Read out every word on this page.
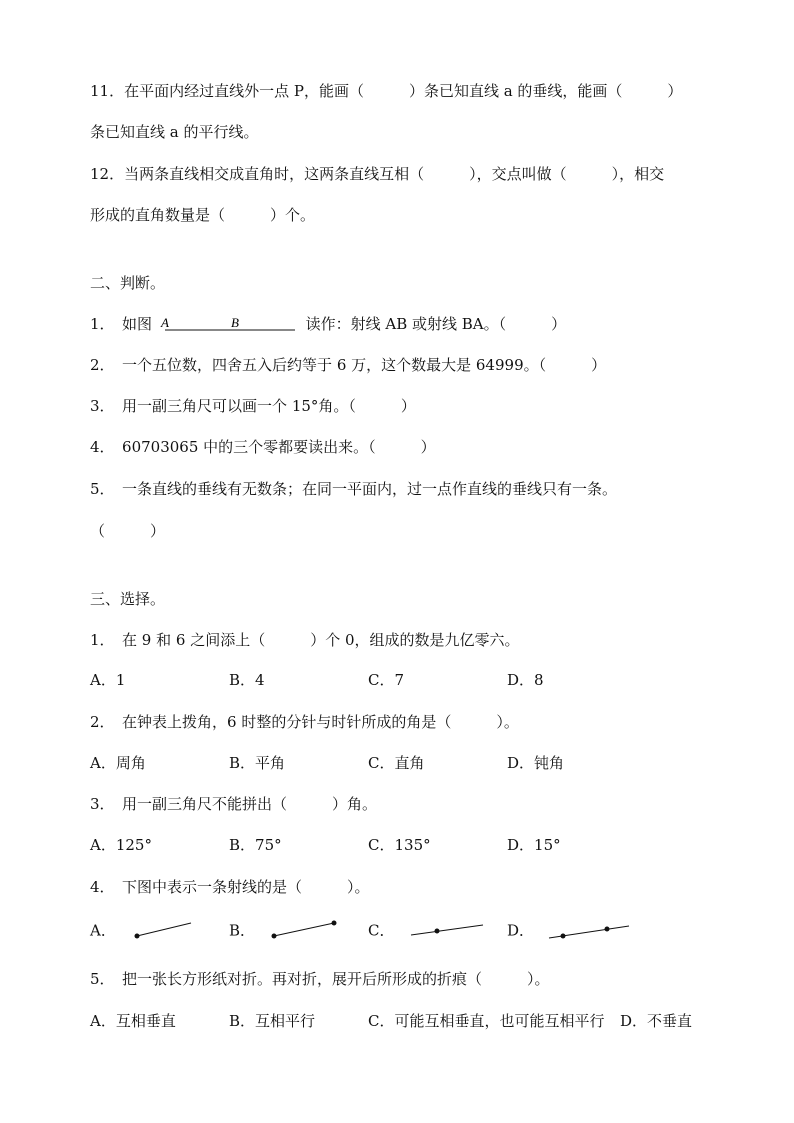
11．在平面内经过直线外一点 P，能画（　　　）条已知直线 a 的垂线，能画（　　　）
条已知直线 a 的平行线。
12．当两条直线相交成直角时，这两条直线互相（　　　），交点叫做（　　　），相交
形成的直角数量是（　　　）个。
二、判断。
1．　如图 A	B	读作：射线 AB 或射线 BA。（　　　）
2．　一个五位数，四舍五入后约等于 6 万，这个数最大是 64999。（　　　）
3．　用一副三角尺可以画一个 15°角。（　　　）
4．　60703065 中的三个零都要读出来。（　　　）
5．　一条直线的垂线有无数条；在同一平面内，过一点作直线的垂线只有一条。
（　　　）
三、选择。
1．　在 9 和 6 之间添上（　　　）个 0，组成的数是九亿零六。
A．1	B．4	C．7	D．8
2．　在钟表上拨角，6 时整的分针与时针所成的角是（　　　）。
A．周角	B．平角	C．直角	D．钝角
3．　用一副三角尺不能拼出（　　　）角。
A．125°	B．75°	C．135°	D．15°
4．　下图中表示一条射线的是（　　　）。
A．	B．	C．	D．
5．　把一张长方形纸对折。再对折，展开后所形成的折痕（　　　）。
A．互相垂直	B．互相平行	C．可能互相垂直，也可能互相平行 D．不垂直
